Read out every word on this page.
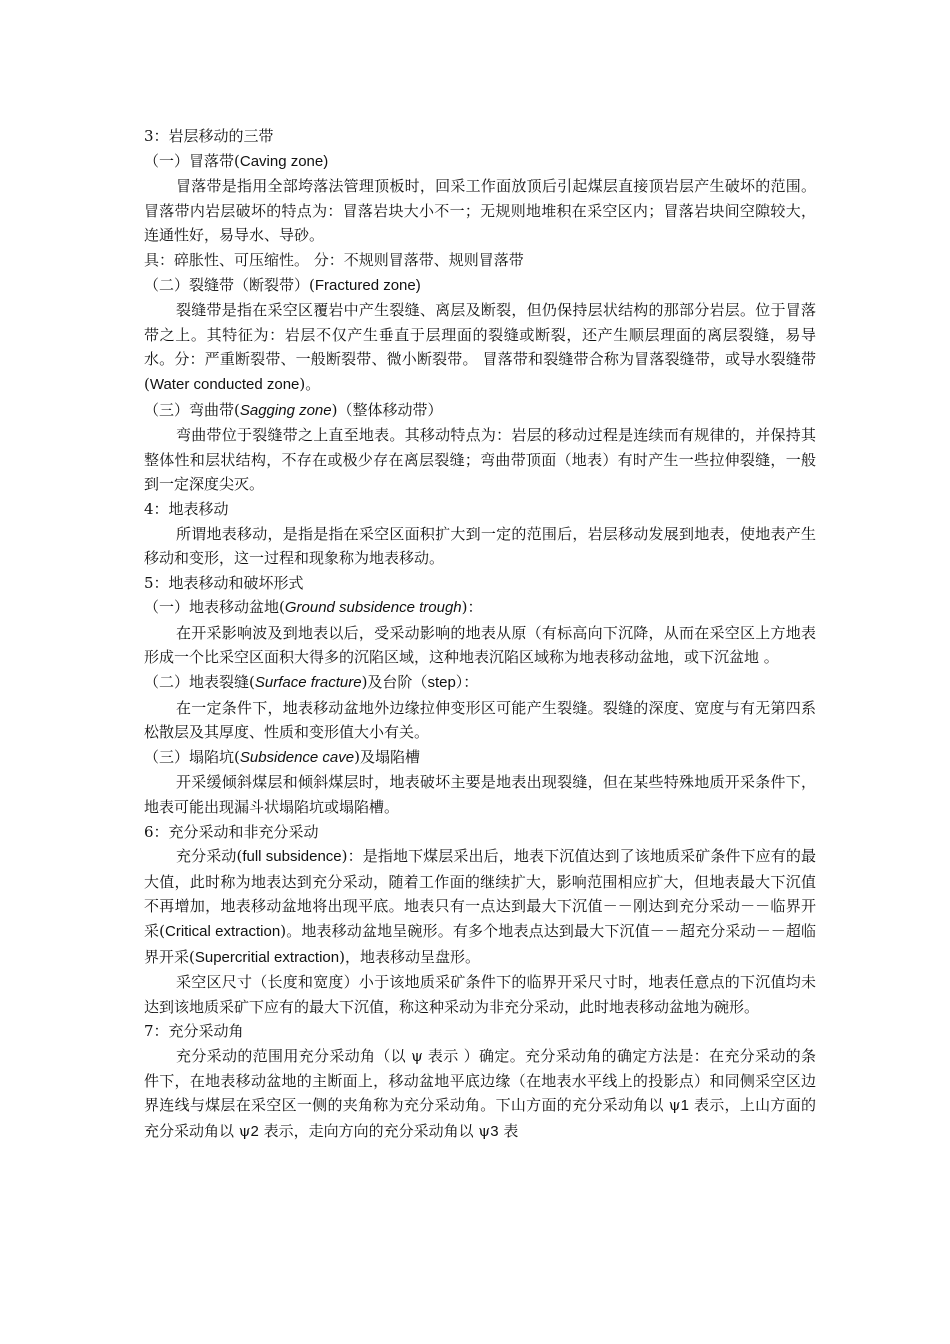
3：岩层移动的三带

（一）冒落带(Caving zone)

冒落带是指用全部垮落法管理顶板时，回采工作面放顶后引起煤层直接顶岩层产生破坏的范围。冒落带内岩层破坏的特点为：冒落岩块大小不一；无规则地堆积在采空区内；冒落岩块间空隙较大，连通性好，易导水、导砂。

具：碎胀性、可压缩性。 分：不规则冒落带、规则冒落带

（二）裂缝带（断裂带）(Fractured zone)

裂缝带是指在采空区覆岩中产生裂缝、离层及断裂，但仍保持层状结构的那部分岩层。位于冒落带之上。其特征为：岩层不仅产生垂直于层理面的裂缝或断裂，还产生顺层理面的离层裂缝，易导水。分：严重断裂带、一般断裂带、微小断裂带。 冒落带和裂缝带合称为冒落裂缝带，或导水裂缝带(Water conducted zone)。

（三）弯曲带(Sagging zone)（整体移动带）

弯曲带位于裂缝带之上直至地表。其移动特点为：岩层的移动过程是连续而有规律的，并保持其整体性和层状结构，不存在或极少存在离层裂缝；弯曲带顶面（地表）有时产生一些拉伸裂缝，一般到一定深度尖灭。

4：地表移动

所谓地表移动，是指是指在采空区面积扩大到一定的范围后，岩层移动发展到地表，使地表产生移动和变形，这一过程和现象称为地表移动。

5：地表移动和破坏形式

（一）地表移动盆地(Ground subsidence trough)：

在开采影响波及到地表以后，受采动影响的地表从原（有标高向下沉降，从而在采空区上方地表形成一个比采空区面积大得多的沉陷区域，这种地表沉陷区域称为地表移动盆地，或下沉盆地 。

（二）地表裂缝(Surface fracture)及台阶（step）：

在一定条件下，地表移动盆地外边缘拉伸变形区可能产生裂缝。裂缝的深度、宽度与有无第四系松散层及其厚度、性质和变形值大小有关。

（三）塌陷坑(Subsidence cave)及塌陷槽

开采缓倾斜煤层和倾斜煤层时，地表破坏主要是地表出现裂缝，但在某些特殊地质开采条件下，地表可能出现漏斗状塌陷坑或塌陷槽。

6：充分采动和非充分采动

充分采动(full subsidence)：是指地下煤层采出后，地表下沉值达到了该地质采矿条件下应有的最大值，此时称为地表达到充分采动，随着工作面的继续扩大，影响范围相应扩大，但地表最大下沉值不再增加，地表移动盆地将出现平底。地表只有一点达到最大下沉值－－刚达到充分采动－－临界开采(Critical extraction)。地表移动盆地呈碗形。有多个地表点达到最大下沉值－－超充分采动－－超临界开采(Supercritial extraction)，地表移动呈盘形。

采空区尺寸（长度和宽度）小于该地质采矿条件下的临界开采尺寸时，地表任意点的下沉值均未达到该地质采矿下应有的最大下沉值，称这种采动为非充分采动，此时地表移动盆地为碗形。

7：充分采动角

充分采动的范围用充分采动角（以 ψ 表示 ）确定。充分采动角的确定方法是：在充分采动的条件下，在地表移动盆地的主断面上，移动盆地平底边缘（在地表水平线上的投影点）和同侧采空区边界连线与煤层在采空区一侧的夹角称为充分采动角。下山方面的充分采动角以 ψ1 表示，上山方面的充分采动角以 ψ2 表示，走向方向的充分采动角以 ψ3 表
